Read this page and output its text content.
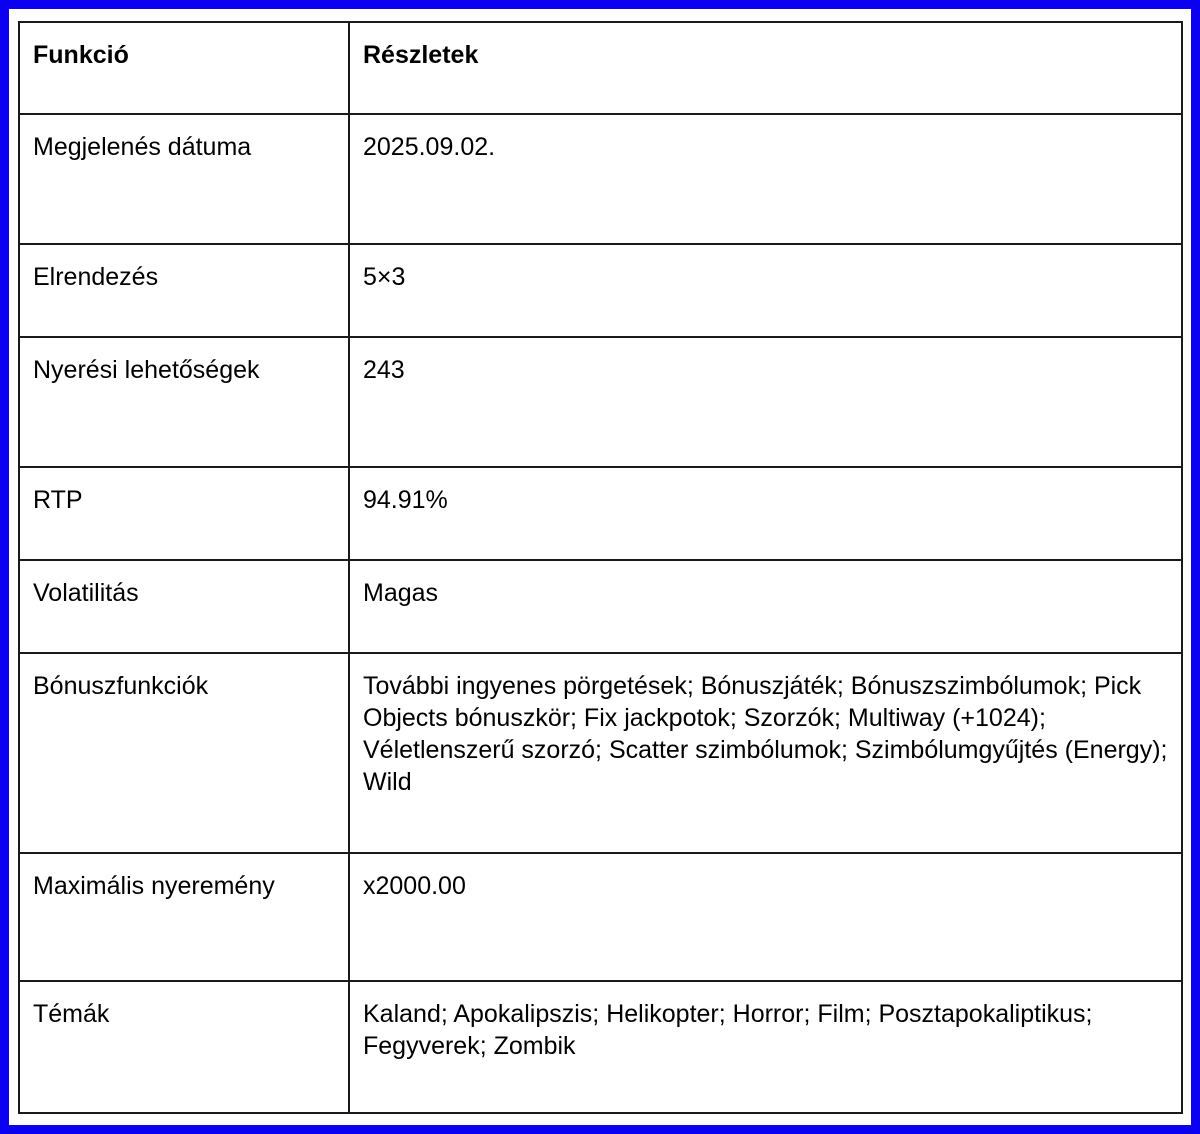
Funkció	Részletek
Megjelenés dátuma	2025.09.02.
Elrendezés	5×3
Nyerési lehetőségek	243
RTP	94.91%
Volatilitás	Magas
Bónuszfunkciók	További ingyenes pörgetések; Bónuszjáték; Bónuszszimbólumok; Pick Objects bónuszkör; Fix jackpotok; Szorzók; Multiway (+1024); Véletlenszerű szorzó; Scatter szimbólumok; Szimbólumgyűjtés (Energy); Wild
Maximális nyeremény	x2000.00
Témák	Kaland; Apokalipszis; Helikopter; Horror; Film; Posztapokaliptikus; Fegyverek; Zombik
